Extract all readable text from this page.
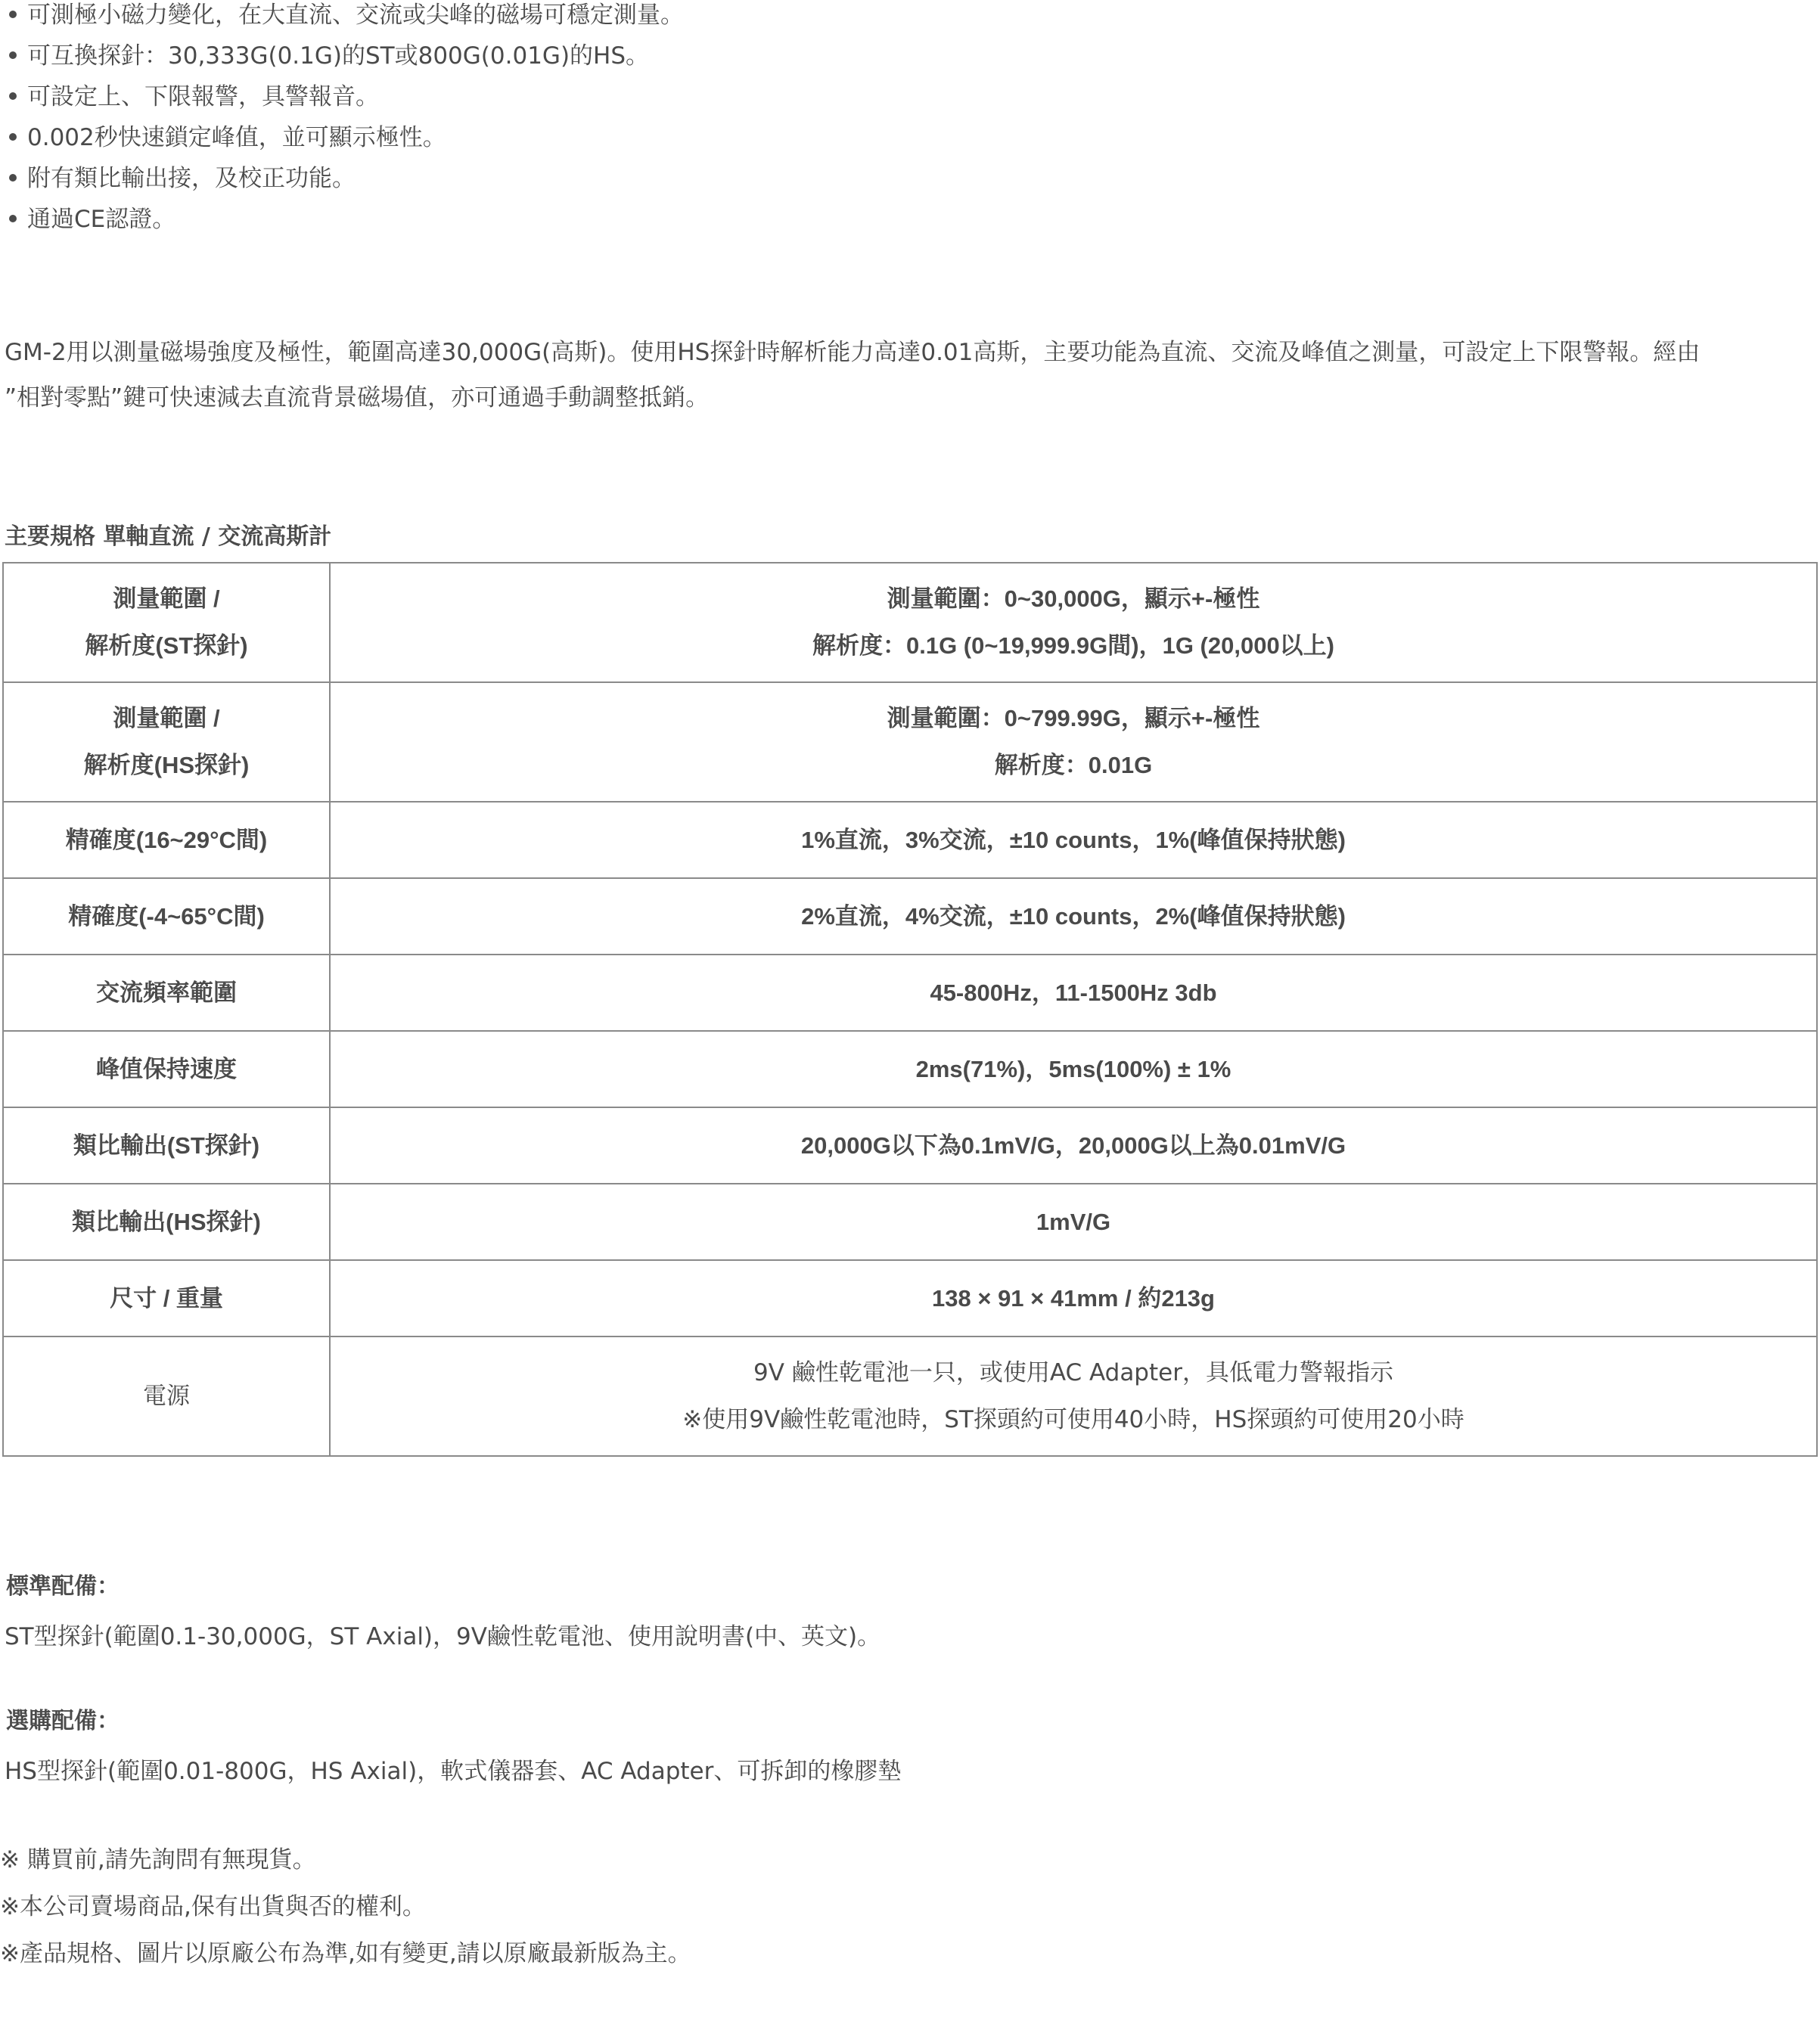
可測極小磁力變化，在大直流、交流或尖峰的磁場可穩定測量。
可互換探針：30,333G(0.1G)的ST或800G(0.01G)的HS。
可設定上、下限報警，具警報音。
0.002秒快速鎖定峰值，並可顯示極性。
附有類比輸出接，及校正功能。
通過CE認證。

GM-2用以測量磁場強度及極性，範圍高達30,000G(高斯)。使用HS探針時解析能力高達0.01高斯，主要功能為直流、交流及峰值之測量，可設定上下限警報。經由
”相對零點”鍵可快速減去直流背景磁場值，亦可通過手動調整抵銷。

主要規格 單軸直流 / 交流高斯計
測量範圍 /
解析度(ST探針)	測量範圍：0~30,000G，顯示+-極性
解析度：0.1G (0~19,999.9G間)，1G (20,000以上)

測量範圍 /
解析度(HS探針)	測量範圍：0~799.99G，顯示+-極性
解析度：0.01G

精確度(16~29°C間)	1%直流，3%交流，±10 counts，1%(峰值保持狀態)
精確度(-4~65°C間)	2%直流，4%交流，±10 counts，2%(峰值保持狀態)
交流頻率範圍	45-800Hz，11-1500Hz 3db
峰值保持速度	2ms(71%)，5ms(100%) ± 1%
類比輸出(ST探針)	20,000G以下為0.1mV/G，20,000G以上為0.01mV/G
類比輸出(HS探針)	1mV/G
尺寸 / 重量	138 × 91 × 41mm / 約213g
電源	9V 鹼性乾電池一只，或使用AC Adapter，具低電力警報指示
※使用9V鹼性乾電池時，ST探頭約可使用40小時，HS探頭約可使用20小時
標準配備：
ST型探針(範圍0.1-30,000G，ST Axial)，9V鹼性乾電池、使用說明書(中、英文)。
選購配備：
HS型探針(範圍0.01-800G，HS Axial)，軟式儀器套、AC Adapter、可拆卸的橡膠墊
※ 購買前,請先詢問有無現貨。
※本公司賣場商品,保有出貨與否的權利。
※產品規格、圖片以原廠公布為準,如有變更,請以原廠最新版為主。
